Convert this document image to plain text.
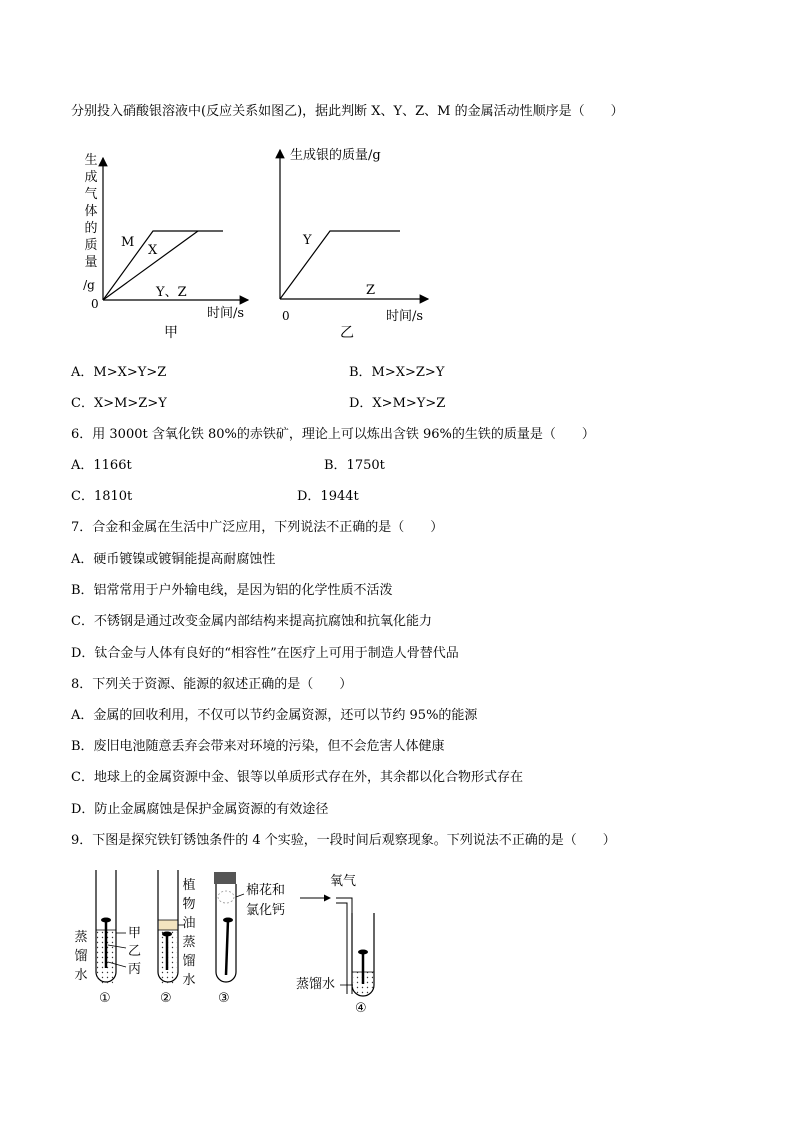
分别投入硝酸银溶液中(反应关系如图乙)，据此判断 X、Y、Z、M 的金属活动性顺序是（　　）
生
成
气
体
的
质
量
/g
0
时间/s
M
X
Y、Z
甲
生成银的质量/g
0	时间/s
Y
Z
乙
A．M>X>Y>Z	B．M>X>Z>Y
C．X>M>Z>Y	D．X>M>Y>Z
6．用 3000t 含氧化铁 80%的赤铁矿，理论上可以炼出含铁 96%的生铁的质量是（　　）
A．1166t	B．1750t
C．1810t	D．1944t
7．合金和金属在生活中广泛应用，下列说法不正确的是（　　）
A．硬币镀镍或镀铜能提高耐腐蚀性
B．铝常常用于户外输电线，是因为铝的化学性质不活泼
C．不锈钢是通过改变金属内部结构来提高抗腐蚀和抗氧化能力
D．钛合金与人体有良好的“相容性”在医疗上可用于制造人骨替代品
8．下列关于资源、能源的叙述正确的是（　　）
A．金属的回收利用，不仅可以节约金属资源，还可以节约 95%的能源
B．废旧电池随意丢弃会带来对环境的污染，但不会危害人体健康
C．地球上的金属资源中金、银等以单质形式存在外，其余都以化合物形式存在
D．防止金属腐蚀是保护金属资源的有效途径
9．下图是探究铁钉锈蚀条件的 4 个实验，一段时间后观察现象。下列说法不正确的是（　　）
蒸
馏
水
甲
乙
丙
植
物
油
蒸
馏
水
棉花和
氯化钙
氧气
蒸馏水
①	②	③
④
